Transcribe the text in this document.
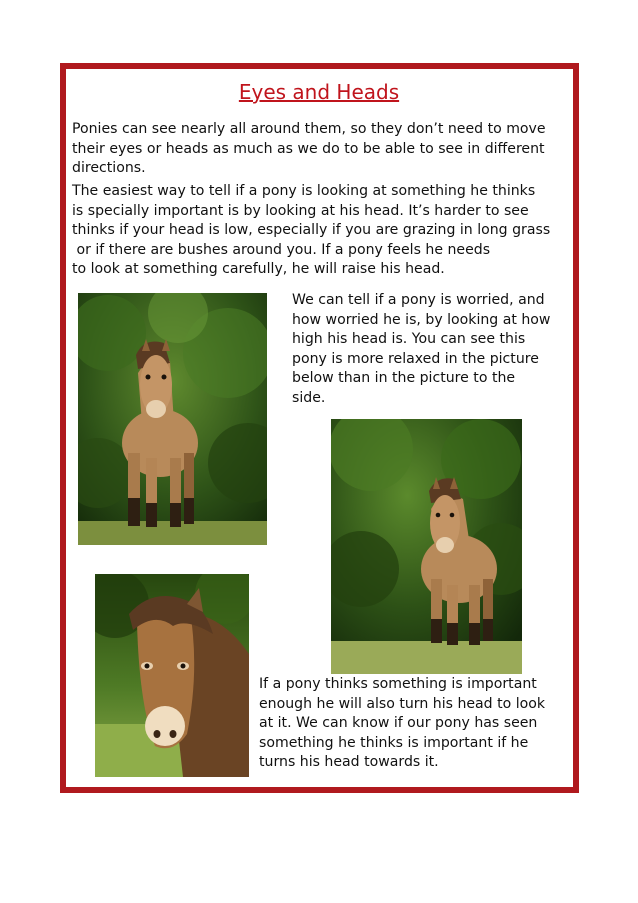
Eyes and Heads

Ponies can see nearly all around them, so they don’t need to move
their eyes or heads as much as we do to be able to see in different
directions.

The easiest way to tell if a pony is looking at something he thinks
is specially important is by looking at his head. It’s harder to see
thinks if your head is low, especially if you are grazing in long grass
or if there are bushes around you. If a pony feels he needs
to look at something carefully, he will raise his head.

We can tell if a pony is worried, and
how worried he is, by looking at how
high his head is. You can see this
pony is more relaxed in the picture
below than in the picture to the
side.

If a pony thinks something is important
enough he will also turn his head to look
at it. We can know if our pony has seen
something he thinks is important if he
turns his head towards it.
